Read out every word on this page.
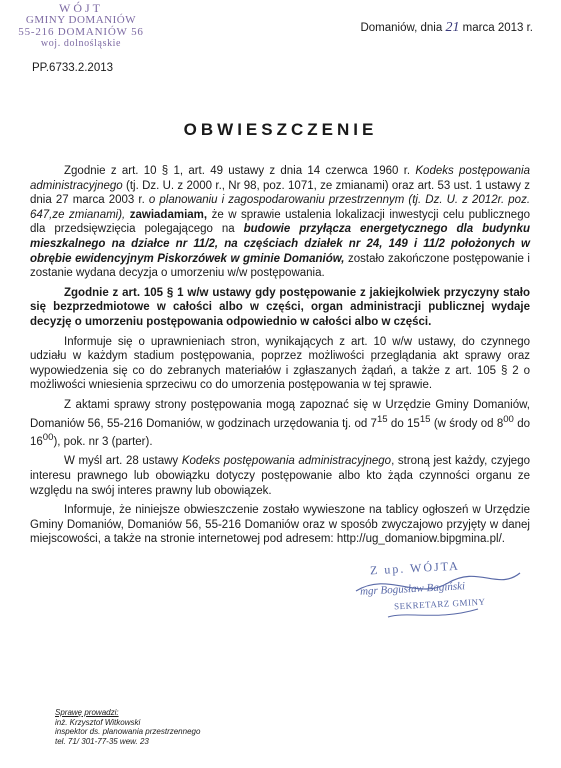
WÓJT
GMINY DOMANIÓW
55-216 DOMANIÓW 56
woj. dolnośląskie
Domaniów, dnia 21 marca 2013 r.
PP.6733.2.2013
OBWIESZCZENIE

Zgodnie z art. 10 § 1, art. 49 ustawy z dnia 14 czerwca 1960 r. Kodeks postępowania administracyjnego (tj. Dz. U. z 2000 r., Nr 98, poz. 1071, ze zmianami) oraz art. 53 ust. 1 ustawy z dnia 27 marca 2003 r. o planowaniu i zagospodarowaniu przestrzennym (tj. Dz. U. z 2012r. poz. 647,ze zmianami), zawiadamiam, że w sprawie ustalenia lokalizacji inwestycji celu publicznego dla przedsięwzięcia polegającego na budowie przyłącza energetycznego dla budynku mieszkalnego na działce nr 11/2, na częściach działek nr 24, 149 i 11/2 położonych w obrębie ewidencyjnym Piskorzówek w gminie Domaniów, zostało zakończone postępowanie i zostanie wydana decyzja o umorzeniu w/w postępowania.

Zgodnie z art. 105 § 1 w/w ustawy gdy postępowanie z jakiejkolwiek przyczyny stało się bezprzedmiotowe w całości albo w części, organ administracji publicznej wydaje decyzję o umorzeniu postępowania odpowiednio w całości albo w części.

Informuje się o uprawnieniach stron, wynikających z art. 10 w/w ustawy, do czynnego udziału w każdym stadium postępowania, poprzez możliwości przeglądania akt sprawy oraz wypowiedzenia się co do zebranych materiałów i zgłaszanych żądań, a także z art. 105 § 2 o możliwości wniesienia sprzeciwu co do umorzenia postępowania w tej sprawie.

Z aktami sprawy strony postępowania mogą zapoznać się w Urzędzie Gminy Domaniów, Domaniów 56, 55-216 Domaniów, w godzinach urzędowania tj. od $7^{15}$ do $15^{15}$ (w środy od $8^{00}$ do $16^{00}$), pok. nr 3 (parter).

W myśl art. 28 ustawy Kodeks postępowania administracyjnego, stroną jest każdy, czyjego interesu prawnego lub obowiązku dotyczy postępowanie albo kto żąda czynności organu ze względu na swój interes prawny lub obowiązek.

Informuje, że niniejsze obwieszczenie zostało wywieszone na tablicy ogłoszeń w Urzędzie Gminy Domaniów, Domaniów 56, 55-216 Domaniów oraz w sposób zwyczajowo przyjęty w danej miejscowości, a także na stronie internetowej pod adresem: http://ug_domaniow.bipgmina.pl/.

Z up. WÓJTA
mgr Bogusław Bagiński
SEKRETARZ GMINY
Sprawę prowadzi:
inż. Krzysztof Witkowski
inspektor ds. planowania przestrzennego
tel. 71/ 301-77-35 wew. 23
